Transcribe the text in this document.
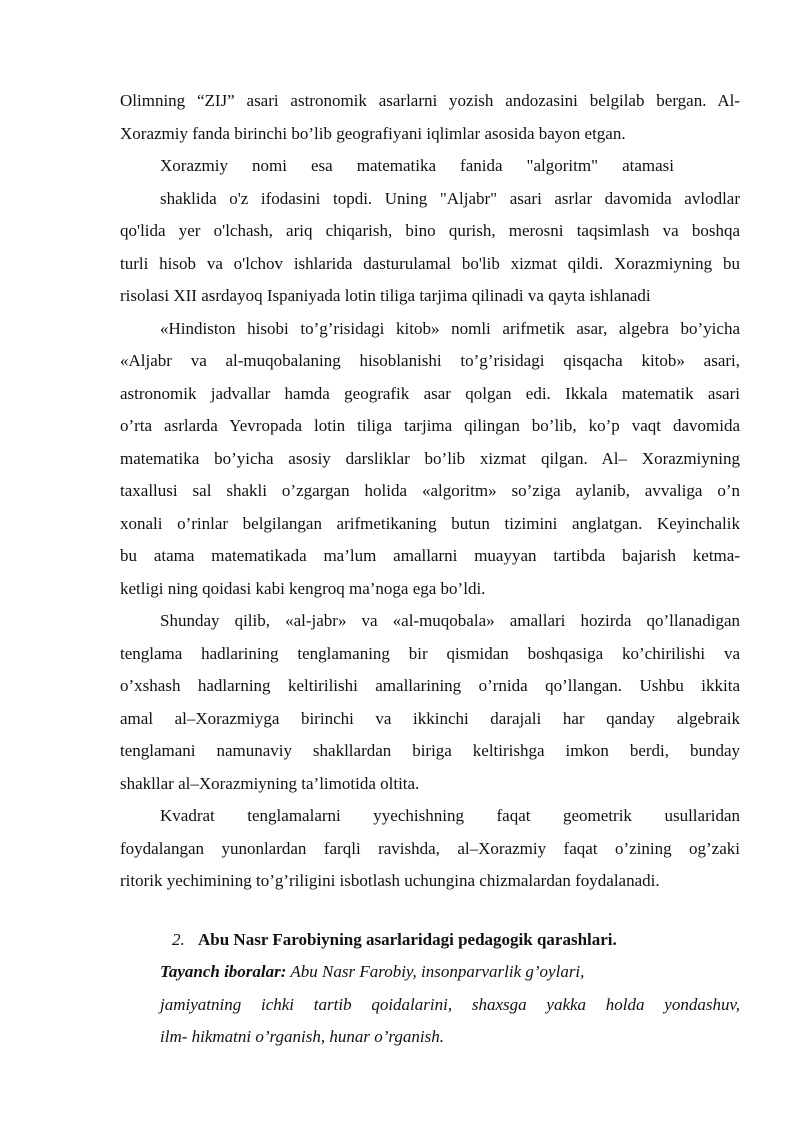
Olimning “ZIJ” asari astronomik asarlarni yozish andozasini belgilab bergan. Al-
Xorazmiy fanda birinchi bo’lib geografiyani iqlimlar asosida bayon etgan.
Xorazmiy nomi esa matematika fanida "algoritm" atamasi
shaklida o'z ifodasini topdi. Uning "Aljabr" asari asrlar davomida avlodlar
qo'lida yer o'lchash, ariq chiqarish, bino qurish, merosni taqsimlash va boshqa
turli hisob va o'lchov ishlarida dasturulamal bo'lib xizmat qildi. Xorazmiyning bu
risolasi XII asrdayoq Ispaniyada lotin tiliga tarjima qilinadi va qayta ishlanadi
«Hindiston hisobi to’g’risidagi kitob» nomli arifmetik asar, algebra bo’yicha
«Aljabr va al-muqobalaning hisoblanishi to’g’risidagi qisqacha kitob» asari,
astronomik jadvallar hamda geografik asar qolgan edi. Ikkala matematik asari
o’rta asrlarda Yevropada lotin tiliga tarjima qilingan bo’lib, ko’p vaqt davomida
matematika bo’yicha asosiy darsliklar bo’lib xizmat qilgan. Al– Xorazmiyning
taxallusi sal shakli o’zgargan holida «algoritm» so’ziga aylanib, avvaliga o’n
xonali o’rinlar belgilangan arifmetikaning butun tizimini anglatgan. Keyinchalik
bu atama matematikada ma’lum amallarni muayyan tartibda bajarish ketma-
ketligi ning qoidasi kabi kengroq ma’noga ega bo’ldi.
Shunday qilib, «al-jabr» va «al-muqobala» amallari hozirda qo’llanadigan
tenglama hadlarining tenglamaning bir qismidan boshqasiga ko’chirilishi va
o’xshash hadlarning keltirilishi amallarining o’rnida qo’llangan. Ushbu ikkita
amal al–Xorazmiyga birinchi va ikkinchi darajali har qanday algebraik
tenglamani namunaviy shakllardan biriga keltirishga imkon berdi, bunday
shakllar al–Xorazmiyning ta’limotida oltita.
Kvadrat tenglamalarni yyechishning faqat geometrik usullaridan
foydalangan yunonlardan farqli ravishda, al–Xorazmiy faqat o’zining og’zaki
ritorik yechimining to’g’riligini isbotlash uchungina chizmalardan foydalanadi.
2. Abu Nasr Farobiyning asarlaridagi pedagogik qarashlari.
Tayanch iboralar: Abu Nasr Farobiy, insonparvarlik g’oylari,
jamiyatning ichki tartib qoidalarini, shaxsga yakka holda yondashuv,
ilm- hikmatni o’rganish, hunar o’rganish.
